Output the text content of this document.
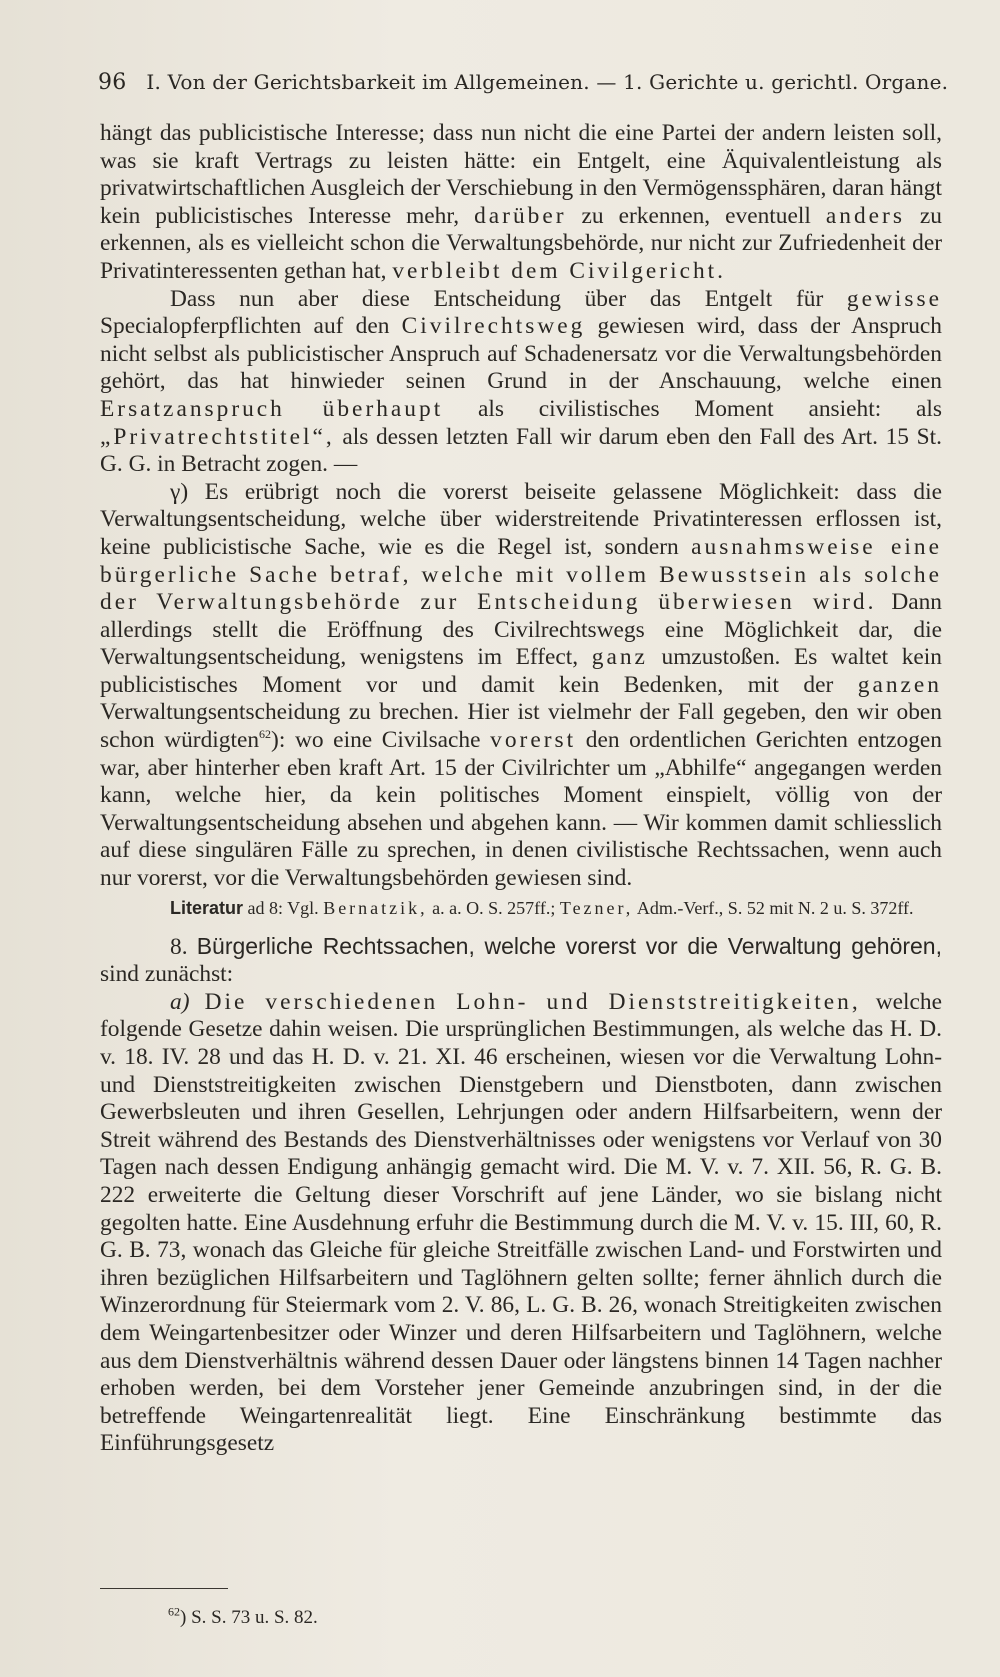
96 I. Von der Gerichtsbarkeit im Allgemeinen. — 1. Gerichte u. gerichtl. Organe.

hängt das publicistische Interesse; dass nun nicht die eine Partei der andern leisten soll, was sie kraft Vertrags zu leisten hätte: ein Entgelt, eine Äquivalentleistung als privatwirtschaftlichen Ausgleich der Verschiebung in den Vermögenssphären, daran hängt kein publicistisches Interesse mehr, darüber zu erkennen, eventuell anders zu erkennen, als es vielleicht schon die Verwaltungsbehörde, nur nicht zur Zufriedenheit der Privatinteressenten gethan hat, verbleibt dem Civilgericht.

Dass nun aber diese Entscheidung über das Entgelt für gewisse Specialopferpflichten auf den Civilrechtsweg gewiesen wird, dass der Anspruch nicht selbst als publicistischer Anspruch auf Schadenersatz vor die Verwaltungsbehörden gehört, das hat hinwieder seinen Grund in der Anschauung, welche einen Ersatzanspruch überhaupt als civilistisches Moment ansieht: als „Privatrechtstitel“, als dessen letzten Fall wir darum eben den Fall des Art. 15 St. G. G. in Betracht zogen. —

γ) Es erübrigt noch die vorerst beiseite gelassene Möglichkeit: dass die Verwaltungsentscheidung, welche über widerstreitende Privatinteressen erflossen ist, keine publicistische Sache, wie es die Regel ist, sondern ausnahmsweise eine bürgerliche Sache betraf, welche mit vollem Bewusstsein als solche der Verwaltungsbehörde zur Entscheidung überwiesen wird. Dann allerdings stellt die Eröffnung des Civilrechtswegs eine Möglichkeit dar, die Verwaltungsentscheidung, wenigstens im Effect, ganz umzustoßen. Es waltet kein publicistisches Moment vor und damit kein Bedenken, mit der ganzen Verwaltungsentscheidung zu brechen. Hier ist vielmehr der Fall gegeben, den wir oben schon würdigten$^{62}$): wo eine Civilsache vorerst den ordentlichen Gerichten entzogen war, aber hinterher eben kraft Art. 15 der Civilrichter um „Abhilfe“ angegangen werden kann, welche hier, da kein politisches Moment einspielt, völlig von der Verwaltungsentscheidung absehen und abgehen kann. — Wir kommen damit schliesslich auf diese singulären Fälle zu sprechen, in denen civilistische Rechtssachen, wenn auch nur vorerst, vor die Verwaltungsbehörden gewiesen sind.

Literatur ad 8: Vgl. Bernatzik, a. a. O. S. 257ff.; Tezner, Adm.-Verf., S. 52 mit N. 2 u. S. 372ff.

8. Bürgerliche Rechtssachen, welche vorerst vor die Verwaltung gehören, sind zunächst:

a) Die verschiedenen Lohn- und Dienststreitigkeiten, welche folgende Gesetze dahin weisen. Die ursprünglichen Bestimmungen, als welche das H. D. v. 18. IV. 28 und das H. D. v. 21. XI. 46 erscheinen, wiesen vor die Verwaltung Lohn- und Dienststreitigkeiten zwischen Dienstgebern und Dienstboten, dann zwischen Gewerbsleuten und ihren Gesellen, Lehrjungen oder andern Hilfsarbeitern, wenn der Streit während des Bestands des Dienstverhältnisses oder wenigstens vor Verlauf von 30 Tagen nach dessen Endigung anhängig gemacht wird. Die M. V. v. 7. XII. 56, R. G. B. 222 erweiterte die Geltung dieser Vorschrift auf jene Länder, wo sie bislang nicht gegolten hatte. Eine Ausdehnung erfuhr die Bestimmung durch die M. V. v. 15. III, 60, R. G. B. 73, wonach das Gleiche für gleiche Streitfälle zwischen Land- und Forstwirten und ihren bezüglichen Hilfsarbeitern und Taglöhnern gelten sollte; ferner ähnlich durch die Winzerordnung für Steiermark vom 2. V. 86, L. G. B. 26, wonach Streitigkeiten zwischen dem Weingartenbesitzer oder Winzer und deren Hilfsarbeitern und Taglöhnern, welche aus dem Dienstverhältnis während dessen Dauer oder längstens binnen 14 Tagen nachher erhoben werden, bei dem Vorsteher jener Gemeinde anzubringen sind, in der die betreffende Weingartenrealität liegt. Eine Einschränkung bestimmte das Einführungsgesetz

$^{62}$) S. S. 73 u. S. 82.
